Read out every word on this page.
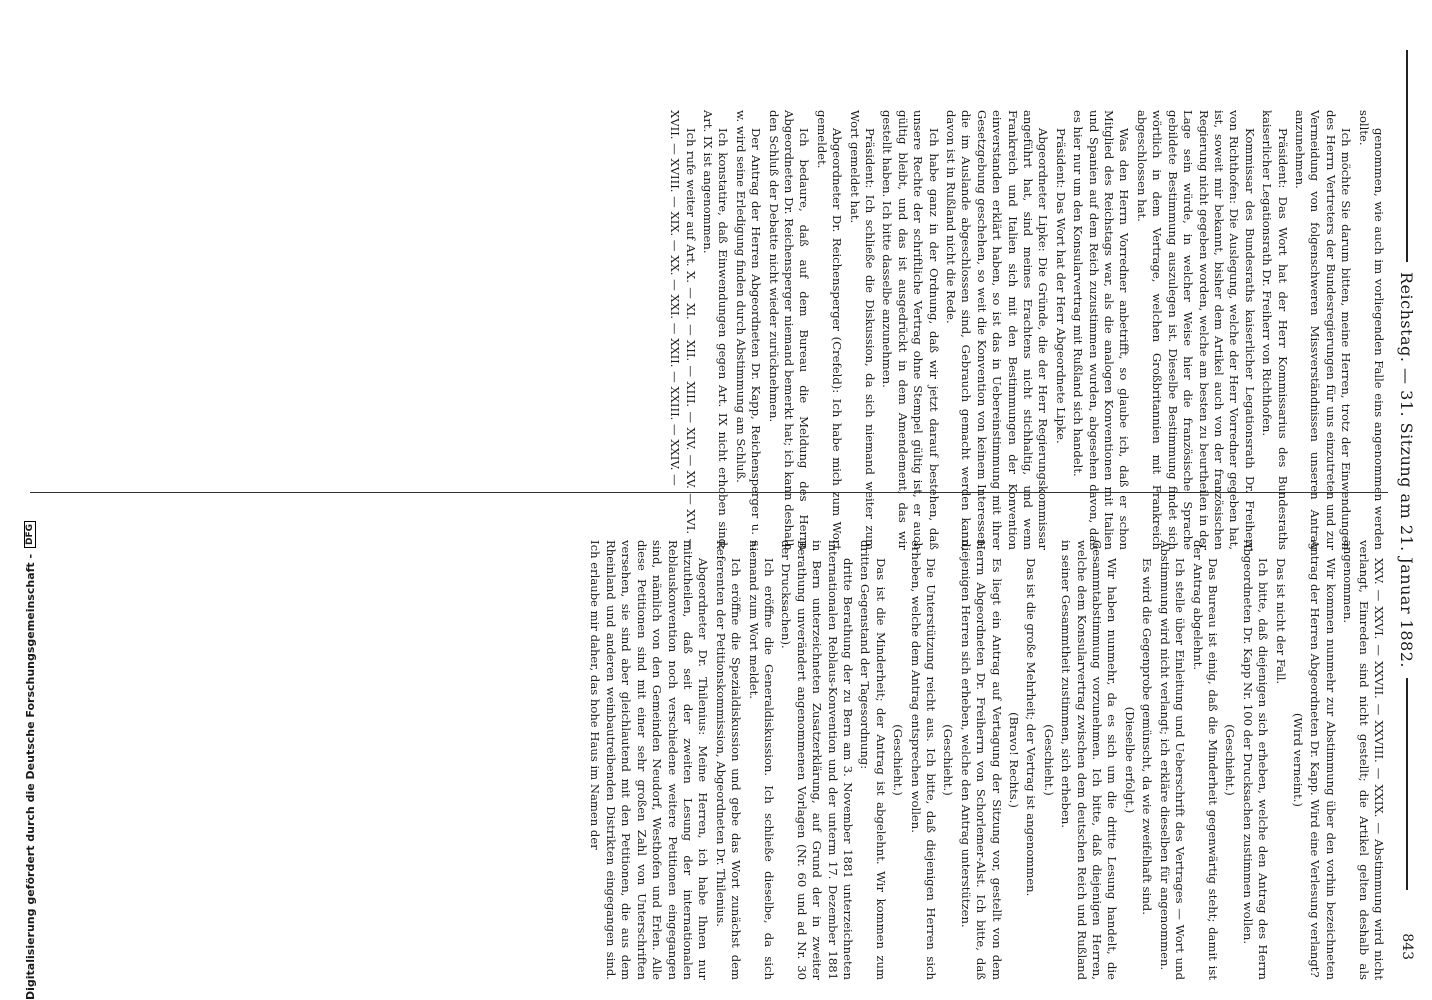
Reichstag. — 31. Sitzung am 21. Januar 1882.
843

genommen, wie auch im vorliegenden Falle eins angenommen werden sollte.

Ich möchte Sie darum bitten, meine Herren, trotz der Einwendungen des Herrn Vertreters der Bundesregierungen für uns einzutreten und zur Vermeidung von folgenschweren Missverständnissen unseren Antrag anzunehmen.

Präsident: Das Wort hat der Herr Kommissarius des Bundesraths kaiserlicher Legationsrath Dr. Freiherr von Richthofen.

Kommissar des Bundesraths kaiserlicher Legationsrath Dr. Freiherr von Richthofen: Die Auslegung, welche der Herr Vorredner gegeben hat, ist, soweit mir bekannt, bisher dem Artikel auch von der französischen Regierung nicht gegeben worden, welche am besten zu beurtheilen in der Lage sein würde, in welcher Weise hier die französische Sprache gebildete Bestimmung auszulegen ist. Dieselbe Bestimmung findet sich wörtlich in dem Vertrage, welchen Großbritannien mit Frankreich abgeschlossen hat.

Was den Herrn Vorredner anbetrifft, so glaube ich, daß er schon Mitglied des Reichstags war, als die analogen Konventionen mit Italien und Spanien auf dem Reich zuzustimmen wurden, abgesehen davon, daß es hier nur um den Konsularvertrag mit Rußland sich handelt.

Präsident: Das Wort hat der Herr Abgeordnete Lipke.

Abgeordneter Lipke: Die Gründe, die der Herr Regierungskommissar angeführt hat, sind meines Erachtens nicht stichhaltig, und wenn Frankreich und Italien sich mit den Bestimmungen der Konvention einverstanden erklärt haben, so ist das in Uebereinstimmung mit ihrer Gesetzgebung geschehen, so weit die Konvention von keinem Interessen, die im Auslande abgeschlossen sind, Gebrauch gemacht werden kann, davon ist in Rußland nicht die Rede.

Ich habe ganz in der Ordnung, daß wir jetzt darauf bestehen, daß unsere Rechte der schriftliche Vertrag ohne Stempel gültig ist, er auch gültig bleibt, und das ist ausgedrückt in dem Amendement, das wir gestellt haben. Ich bitte dasselbe anzunehmen.

Präsident: Ich schließe die Diskussion, da sich niemand weiter zum Wort gemeldet hat.

Abgeordneter Dr. Reichensperger (Crefeld): Ich habe mich zum Wort gemeldet.

Ich bedaure, daß auf dem Bureau die Meldung des Herrn Abgeordneten Dr. Reichensperger niemand bemerkt hat; ich kann deshalb den Schluß der Debatte nicht wieder zurücknehmen.

Der Antrag der Herren Abgeordneten Dr. Kapp, Reichensperger u. s. w. wird seine Erledigung finden durch Abstimmung am Schluß.

Ich konstatire, daß Einwendungen gegen Art. IX nicht erhoben sind: Art. IX ist angenommen.

Ich rufe weiter auf Art. X. — XI. — XII. — XIII. — XIV. — XV. — XVI. — XVII. — XVIII. — XIX. — XX. — XXI. — XXII. — XXIII. — XXIV. —

XXV. — XXVI. — XXVII. — XXVIII. — XXIX. — Abstimmung wird nicht verlangt, Einreden sind nicht gestellt; die Artikel gelten deshalb als angenommen.

Wir kommen nunmehr zur Abstimmung über den vorhin bezeichneten Antrag der Herren Abgeordneten Dr. Kapp. Wird eine Verlesung verlangt?

(Wird verneint.)

Das ist nicht der Fall.

Ich bitte, daß diejenigen sich erheben, welche den Antrag des Herrn Abgeordneten Dr. Kapp Nr. 100 der Drucksachen zustimmen wollen.

(Geschieht.)

Das Bureau ist einig, daß die Minderheit gegenwärtig steht; damit ist der Antrag abgelehnt.

Ich stelle über Einleitung und Ueberschrift des Vertrages — Wort und Abstimmung wird nicht verlangt; ich erkläre dieselben für angenommen.

Es wird die Gegenprobe gemünscht, da wie zweifelhaft sind.

(Dieselbe erfolgt.)

Wir haben nunmehr, da es sich um die dritte Lesung handelt, die Gesammtabstimmung vorzunehmen. Ich bitte, daß diejenigen Herren, welche dem Konsularvertrag zwischen dem deutschen Reich und Rußland in seiner Gesammtheit zustimmen, sich erheben.

(Geschieht.)

Das ist die große Mehrheit; der Vertrag ist angenommen.

(Bravo! Rechts.)

Es liegt ein Antrag auf Vertagung der Sitzung vor, gestellt von dem Herrn Abgeordneten Dr. Freiherrn von Schorlemer-Alst. Ich bitte, daß diejenigen Herren sich erheben, welche den Antrag unterstützen.

(Geschieht.)

Die Unterstützung reicht aus. Ich bitte, daß diejenigen Herren sich erheben, welche dem Antrag entsprechen wollen.

(Geschieht.)

Das ist die Minderheit; der Antrag ist abgelehnt. Wir kommen zum dritten Gegenstand der Tagesordnung:

dritte Berathung der zu Bern am 3. November 1881 unterzeichneten internationalen Reblaus-Konvention und der unterm 17. Dezember 1881 in Bern unterzeichneten Zusatzerklärung, auf Grund der in zweiter Berathung unverändert angenommenen Vorlagen (Nr. 60 und ad Nr. 30 der Drucksachen).

Ich eröffne die Generaldiskussion. Ich schließe dieselbe, da sich niemand zum Wort meldet.

Ich eröffne die Spezialdiskussion und gebe das Wort zunächst dem Referenten der Petitionskommission, Abgeordneten Dr. Thilenius.

Abgeordneter Dr. Thilenius: Meine Herren, ich habe Ihnen nur mitzutheilen, daß seit der zweiten Lesung der internationalen Reblauskonvention noch verschiedene weitere Petitionen eingegangen sind, nämlich von den Gemeinden Neudorf, Westhofen und Erlen. Alle diese Petitionen sind mit einer sehr großen Zahl von Unterschriften versehen, sie sind aber gleichlautend mit den Petitionen, die aus dem Rheinland und anderen weinbautreibenden Distrikten eingegangen sind. Ich erlaube mir daher, das hohe Haus im Namen der

Digitalisierung gefördert durch die Deutsche Forschungsgemeinschaft -
DFG
